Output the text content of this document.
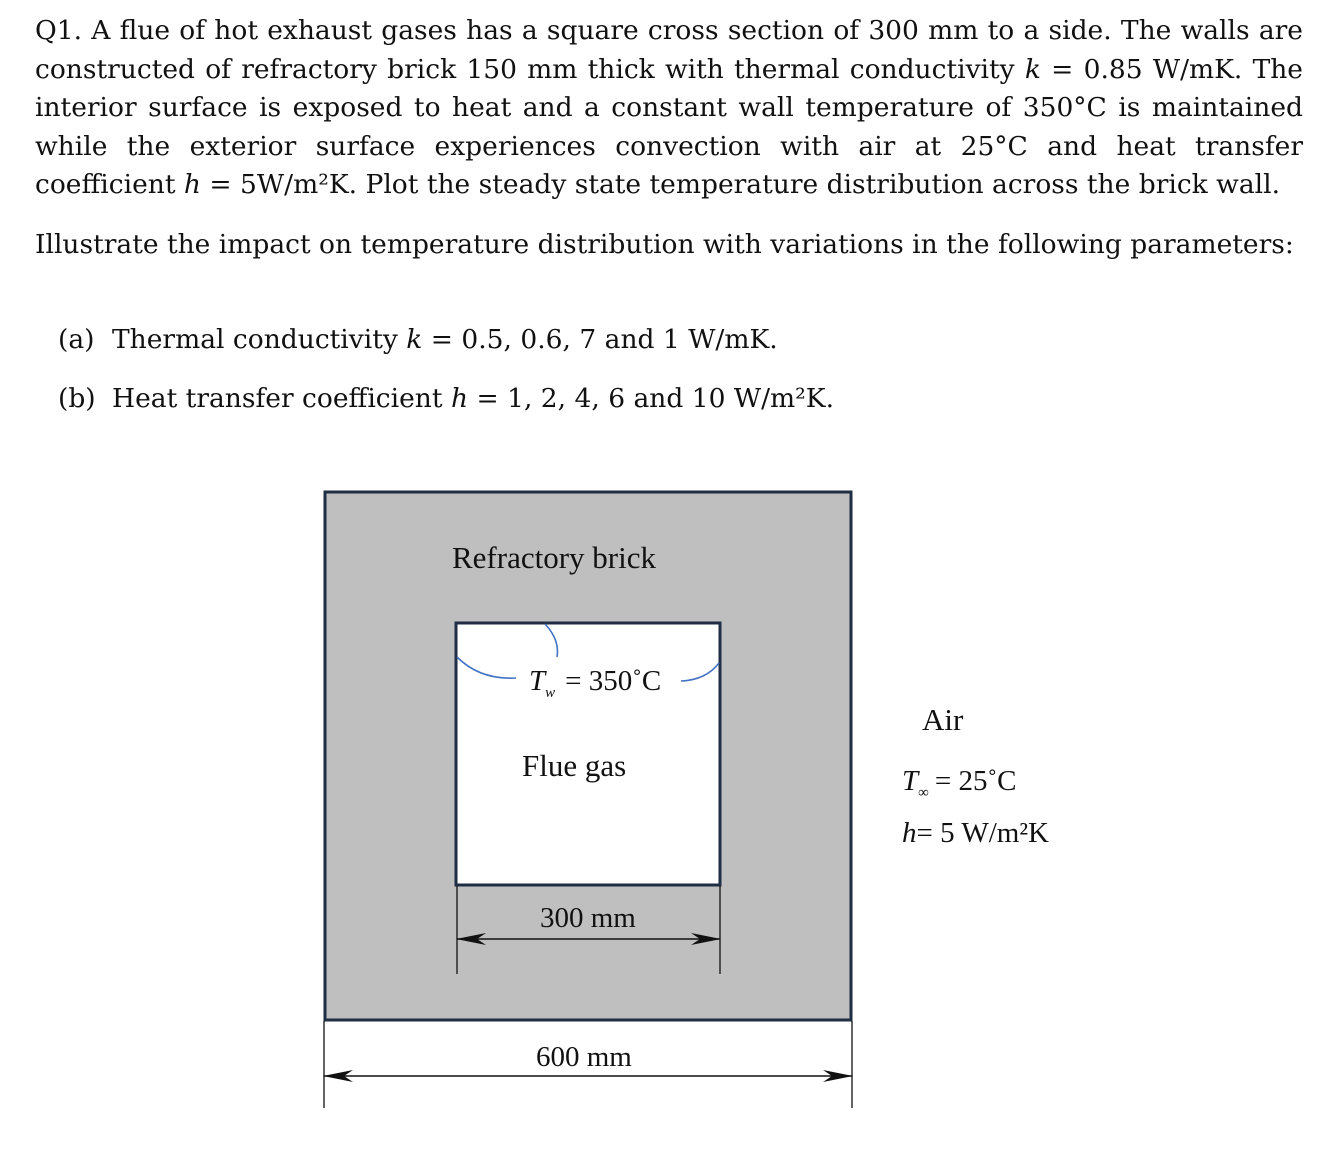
Q1. A flue of hot exhaust gases has a square cross section of 300 mm to a side. The walls are constructed of refractory brick 150 mm thick with thermal conductivity k = 0.85 W/mK. The interior surface is exposed to heat and a constant wall temperature of 350°C is maintained while the exterior surface experiences convection with air at 25°C and heat transfer coefficient h = 5W/m²K. Plot the steady state temperature distribution across the brick wall.

Illustrate the impact on temperature distribution with variations in the following parameters:
(a) Thermal conductivity k = 0.5, 0.6, 7 and 1 W/mK.
(b) Heat transfer coefficient h = 1, 2, 4, 6 and 10 W/m²K.
Refractory brick
$T_w$ = 350˚C
Flue gas
300 mm
600 mm
Air
$T_\infty$ = 25˚C
h= 5 W/m²K
